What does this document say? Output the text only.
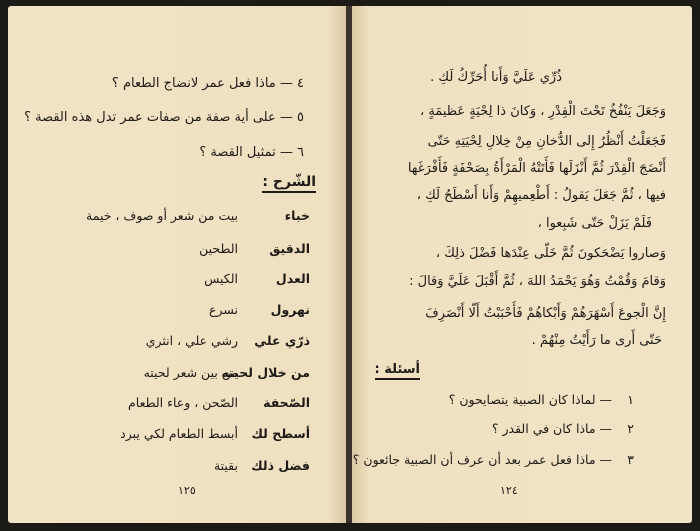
٤ — ماذا فعل عمر لانضاج الطعام ؟
٥ — على أية صفة من صفات عمر تدل هذه القصة ؟
٦ — تمثيل القصة ؟
الشّرح :
خباء
بيت من شعر أو صوف ، خيمة
الدقيق
الطحين
العدل
الكيس
نهرول
نسرع
ذرّي علي
رشي علي ، انثري
من خلال لحيته
من بين شعر لحيته
الصّحفة
الصّحن ، وعاء الطعام
أسطح لك
أبسط الطعام لكي يبرد
فضل ذلك
بقيتة
١٢٥
ذُرِّي عَلَيَّ وَأَنا أُحَرِّكُ لَكِ .
وَجَعَلَ يَنْفُخُ تَحْتَ الْقِدْرِ ، وَكانَ ذا لِحْيَةٍ عَظيمَةٍ ،
فَجَعَلْتُ أَنْظُرُ إِلى الدُّخانِ مِنْ خِلالِ لِحْيَتِهِ حَتّى
أَنْضَجَ الْقِدْرَ ثُمَّ أَنْزَلَها فَأَتَتْهُ الْمَرْأَةُ بِصَحْفَةٍ فَأَفْرَغَها
فيها ، ثُمَّ جَعَلَ يَقولُ : أَطْعِميهِمْ وَأَنا أَسْطَحُ لَكِ ،
فَلَمْ يَزَلْ حَتّى شَبِعوا ،
وَصاروا يَضْحَكونَ ثُمَّ خَلّى عِنْدَها فَضْلَ ذلِكَ ،
وَقامَ وَقُمْتُ وَهُوَ يَحْمَدُ اللهَ ، ثُمَّ أَقْبَلَ عَلَيَّ وَقالَ :
إِنَّ الْجوعَ أَسْهَرَهُمْ وَأَبْكاهُمْ فَأَحْبَبْتُ أَلّا أَنْصَرِفَ
حَتّى أَرى ما رَأَيْتُ مِنْهُمْ .
أسئلة :
١
— لماذا كان الصبية يتصايحون ؟
٢
— ماذا كان في القدر ؟
٣
— ماذا فعل عمر بعد أن عرف أن الصبية جائعون ؟
١٢٤
